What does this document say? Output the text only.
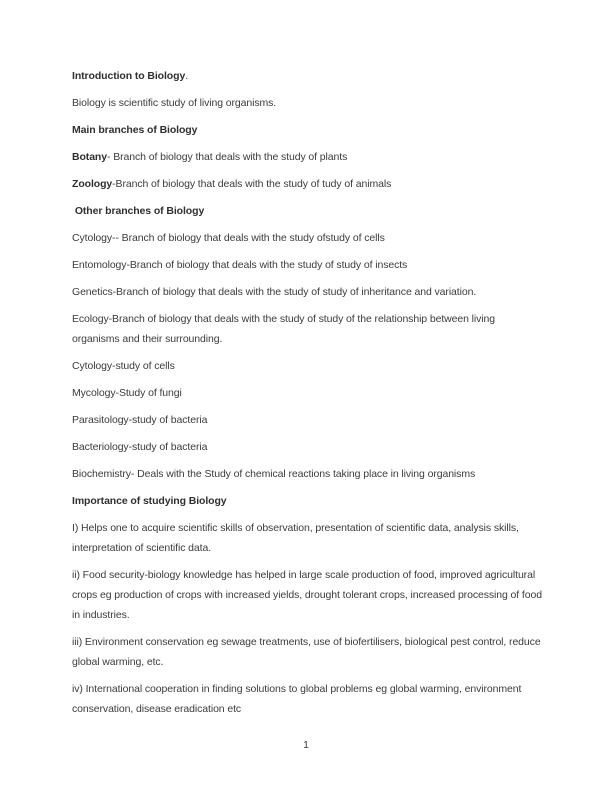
Introduction to Biology.

Biology is scientific study of living organisms.

Main branches of Biology

Botany- Branch of biology that deals with the study of plants

Zoology-Branch of biology that deals with the study of tudy of animals

Other branches of Biology

Cytology-- Branch of biology that deals with the study ofstudy of cells

Entomology-Branch of biology that deals with the study of study of insects

Genetics-Branch of biology that deals with the study of study of inheritance and variation.

Ecology-Branch of biology that deals with the study of study of the relationship between living organisms and their surrounding.

Cytology-study of cells

Mycology-Study of fungi

Parasitology-study of bacteria

Bacteriology-study of bacteria

Biochemistry- Deals with the Study of chemical reactions taking place in living organisms

Importance of studying Biology

I) Helps one to acquire scientific skills of observation, presentation of scientific data, analysis skills, interpretation of scientific data.

ii) Food security-biology knowledge has helped in large scale production of food, improved agricultural crops eg production of crops with increased yields, drought tolerant crops, increased processing of food in industries.

iii) Environment conservation eg sewage treatments, use of biofertilisers, biological pest control, reduce global warming, etc.

iv) International cooperation in finding solutions to global problems eg global warming, environment conservation, disease eradication etc

1
